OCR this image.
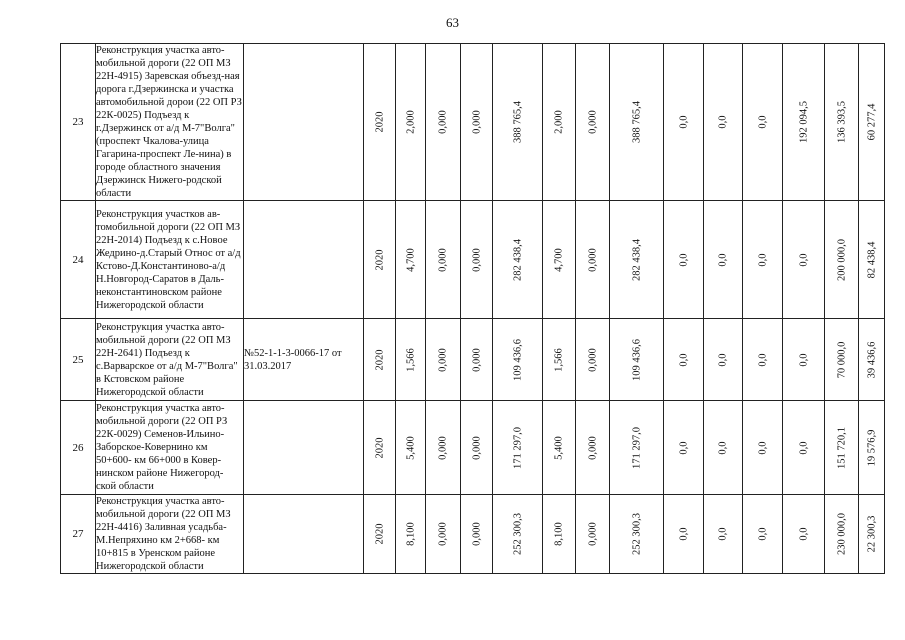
63
23	Реконструкция участка авто-мобильной дороги (22 ОП МЗ 22Н-4915) Заревская объезд-ная дорога г.Дзержинска и участка автомобильной дорои (22 ОП РЗ 22К-0025) Подъезд к г.Дзержинск от а/д М-7"Волга" (проспект Чкалова-улица Гагарина-проспект Ле-нина) в городе областного значения Дзержинск Нижего-родской области		2020	2,000	0,000	0,000	388 765,4	2,000	0,000	388 765,4	0,0	0,0	0,0	192 094,5	136 393,5	60 277,4

24	Реконструкция участков ав-томобильной дороги (22 ОП МЗ 22Н-2014) Подъезд к с.Новое Жедрино-д.Старый Относ от а/д Кстово-Д.Константиново-а/д Н.Новгород-Саратов в Даль-неконстантиновском районе Нижегородской области		2020	4,700	0,000	0,000	282 438,4	4,700	0,000	282 438,4	0,0	0,0	0,0	0,0	200 000,0	82 438,4

25	Реконструкция участка авто-мобильной дороги (22 ОП МЗ 22Н-2641) Подъезд к с.Варварское от а/д М-7"Волга" в Кстовском районе Нижегородской области	№52-1-1-3-0066-17 от 31.03.2017	2020	1,566	0,000	0,000	109 436,6	1,566	0,000	109 436,6	0,0	0,0	0,0	0,0	70 000,0	39 436,6

26	Реконструкция участка авто-мобильной дороги (22 ОП РЗ 22К-0029) Семенов-Ильино-Заборское-Ковернино км 50+600- км 66+000 в Ковер-нинском районе Нижегород-ской области		2020	5,400	0,000	0,000	171 297,0	5,400	0,000	171 297,0	0,0	0,0	0,0	0,0	151 720,1	19 576,9

27	Реконструкция участка авто-мобильной дороги (22 ОП МЗ 22Н-4416) Заливная усадьба-М.Непряхино км 2+668- км 10+815 в Уренском районе Нижегородской области		2020	8,100	0,000	0,000	252 300,3	8,100	0,000	252 300,3	0,0	0,0	0,0	0,0	230 000,0	22 300,3
